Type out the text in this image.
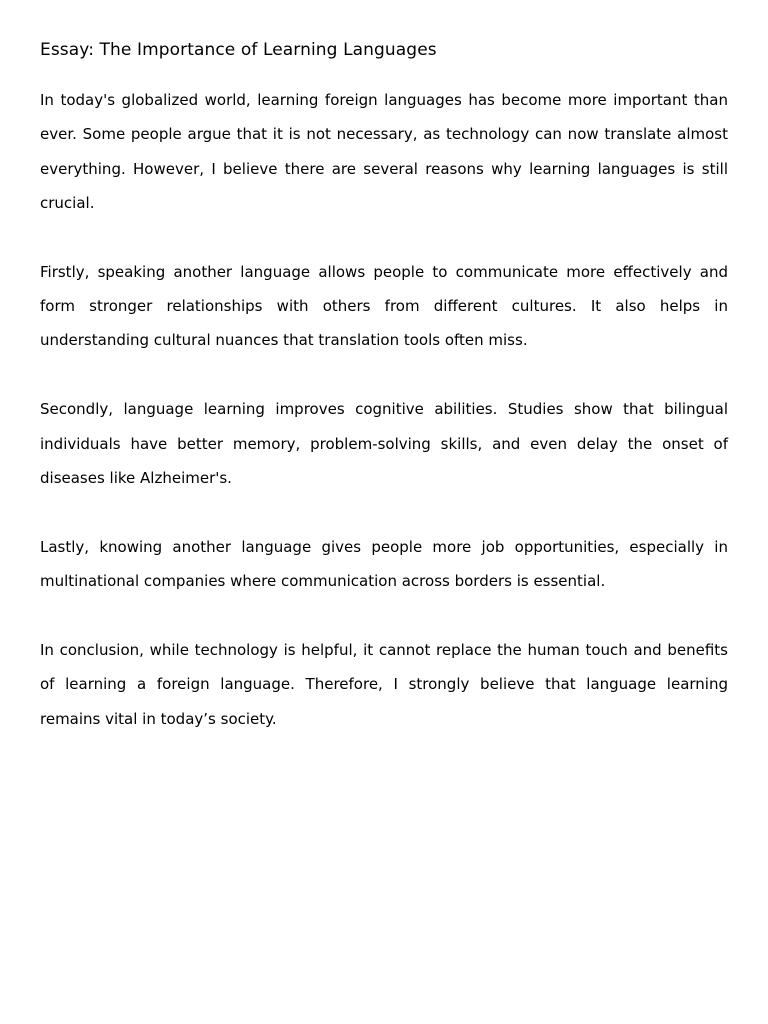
Essay: The Importance of Learning Languages

In today's globalized world, learning foreign languages has become more important than ever. Some people argue that it is not necessary, as technology can now translate almost everything. However, I believe there are several reasons why learning languages is still crucial.

Firstly, speaking another language allows people to communicate more effectively and form stronger relationships with others from different cultures. It also helps in understanding cultural nuances that translation tools often miss.

Secondly, language learning improves cognitive abilities. Studies show that bilingual individuals have better memory, problem-solving skills, and even delay the onset of diseases like Alzheimer's.

Lastly, knowing another language gives people more job opportunities, especially in multinational companies where communication across borders is essential.

In conclusion, while technology is helpful, it cannot replace the human touch and benefits of learning a foreign language. Therefore, I strongly believe that language learning remains vital in today’s society.
